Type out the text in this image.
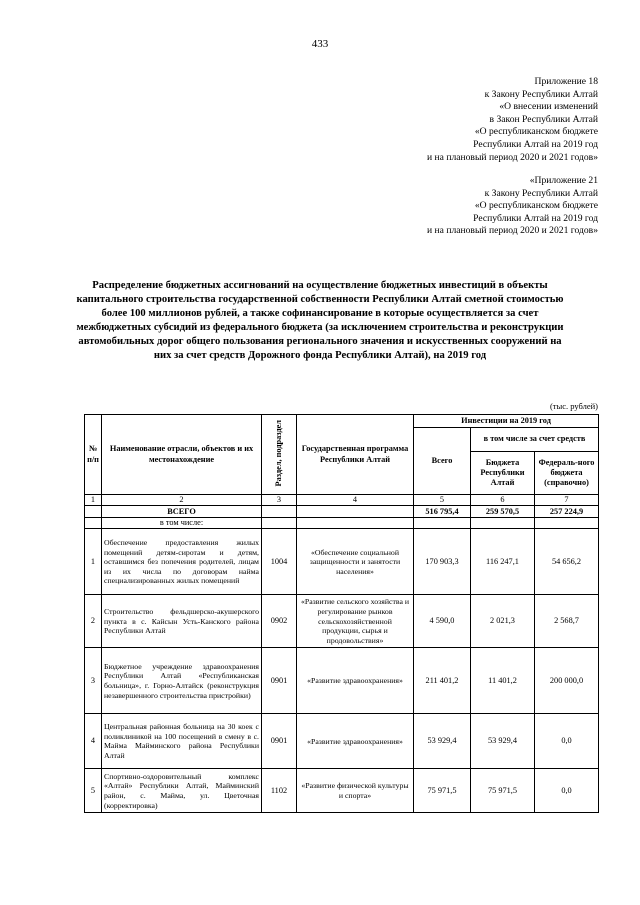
433
Приложение 18
к Закону Республики Алтай
«О внесении изменений
в Закон Республики Алтай
«О республиканском бюджете
Республики Алтай на 2019 год
и на плановый период 2020 и 2021 годов»
«Приложение 21
к Закону Республики Алтай
«О республиканском бюджете
Республики Алтай на 2019 год
и на плановый период 2020 и 2021 годов»
Распределение бюджетных ассигнований на осуществление бюджетных инвестиций в объекты капитального строительства государственной собственности Республики Алтай сметной стоимостью более 100 миллионов рублей, а также софинансирование в которые осуществляется за счет межбюджетных субсидий из федерального бюджета (за исключением строительства и реконструкции автомобильных дорог общего пользования регионального значения и искусственных сооружений на них за счет средств Дорожного фонда Республики Алтай), на 2019 год
(тыс. рублей)
№ п/п	Наименование отрасли, объектов и их местонахождение	Раздел, подраздел	Государственная программа Республики Алтай	Инвестиции на 2019 год		
				Всего	в том числе за счет средств	
					Бюджета Республики Алтай	Федераль-ного бюджета (справочно)
1	2	3	4	5	6	7
	ВСЕГО			516 795,4	259 570,5	257 224,9
	в том числе:					
1	Обеспечение предоставления жилых помещений детям-сиротам и детям, оставшимся без попечения родителей, лицам из их числа по договорам найма специализированных жилых помещений	1004	«Обеспечение социальной защищенности и занятости населения»	170 903,3	116 247,1	54 656,2
2	Строительство фельдшерско-акушерского пункта в с. Кайсын Усть-Канского района Республики Алтай	0902	«Развитие сельского хозяйства и регулирование рынков сельскохозяйственной продукции, сырья и продовольствия»	4 590,0	2 021,3	2 568,7
3	Бюджетное учреждение здравоохранения Республики Алтай «Республиканская больница», г. Горно-Алтайск (реконструкция незавершенного строительства пристройки)	0901	«Развитие здравоохранения»	211 401,2	11 401,2	200 000,0
4	Центральная районная больница на 30 коек с поликлиникой на 100 посещений в смену в с. Майма Майминского района Республики Алтай	0901	«Развитие здравоохранения»	53 929,4	53 929,4	0,0
5	Спортивно-оздоровительный комплекс «Алтай» Республики Алтай, Майминский район, с. Майма, ул. Цветочная (корректировка)	1102	«Развитие физической культуры и спорта»	75 971,5	75 971,5	0,0
